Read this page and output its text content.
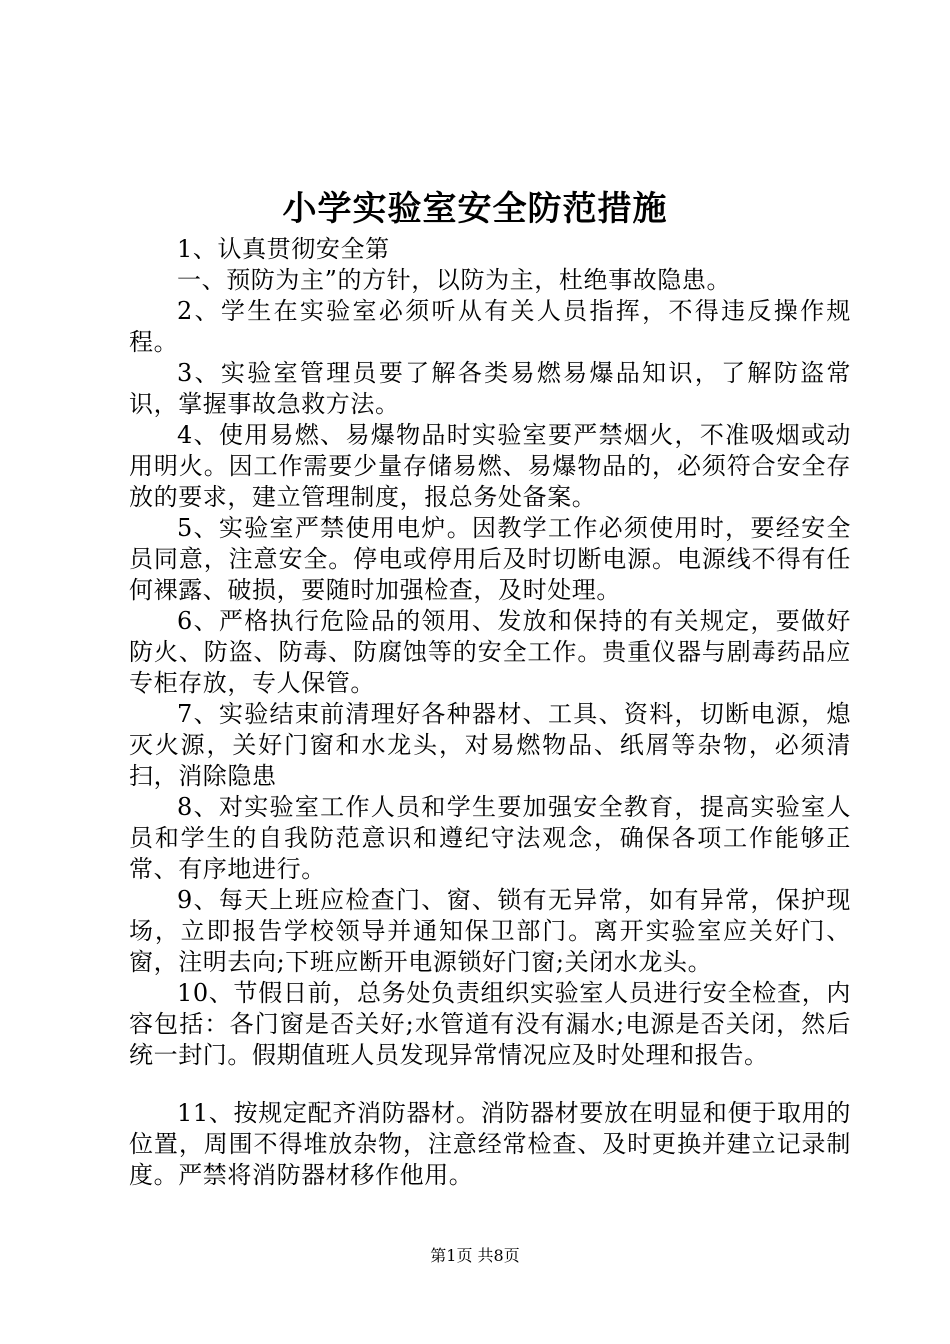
小学实验室安全防范措施

1、认真贯彻安全第

一、预防为主”的方针，以防为主，杜绝事故隐患。

2、学生在实验室必须听从有关人员指挥，不得违反操作规程。

3、实验室管理员要了解各类易燃易爆品知识，了解防盗常识，掌握事故急救方法。

4、使用易燃、易爆物品时实验室要严禁烟火，不准吸烟或动用明火。因工作需要少量存储易燃、易爆物品的，必须符合安全存放的要求，建立管理制度，报总务处备案。

5、实验室严禁使用电炉。因教学工作必须使用时，要经安全员同意，注意安全。停电或停用后及时切断电源。电源线不得有任何裸露、破损，要随时加强检查，及时处理。

6、严格执行危险品的领用、发放和保持的有关规定，要做好防火、防盗、防毒、防腐蚀等的安全工作。贵重仪器与剧毒药品应专柜存放，专人保管。

7、实验结束前清理好各种器材、工具、资料，切断电源，熄灭火源，关好门窗和水龙头，对易燃物品、纸屑等杂物，必须清扫，消除隐患

8、对实验室工作人员和学生要加强安全教育，提高实验室人员和学生的自我防范意识和遵纪守法观念，确保各项工作能够正常、有序地进行。

9、每天上班应检查门、窗、锁有无异常，如有异常，保护现场，立即报告学校领导并通知保卫部门。离开实验室应关好门、窗，注明去向;下班应断开电源锁好门窗;关闭水龙头。

10、节假日前，总务处负责组织实验室人员进行安全检查，内容包括：各门窗是否关好;水管道有没有漏水;电源是否关闭，然后统一封门。假期值班人员发现异常情况应及时处理和报告。

11、按规定配齐消防器材。消防器材要放在明显和便于取用的位置，周围不得堆放杂物，注意经常检查、及时更换并建立记录制度。严禁将消防器材移作他用。

第1页 共8页
